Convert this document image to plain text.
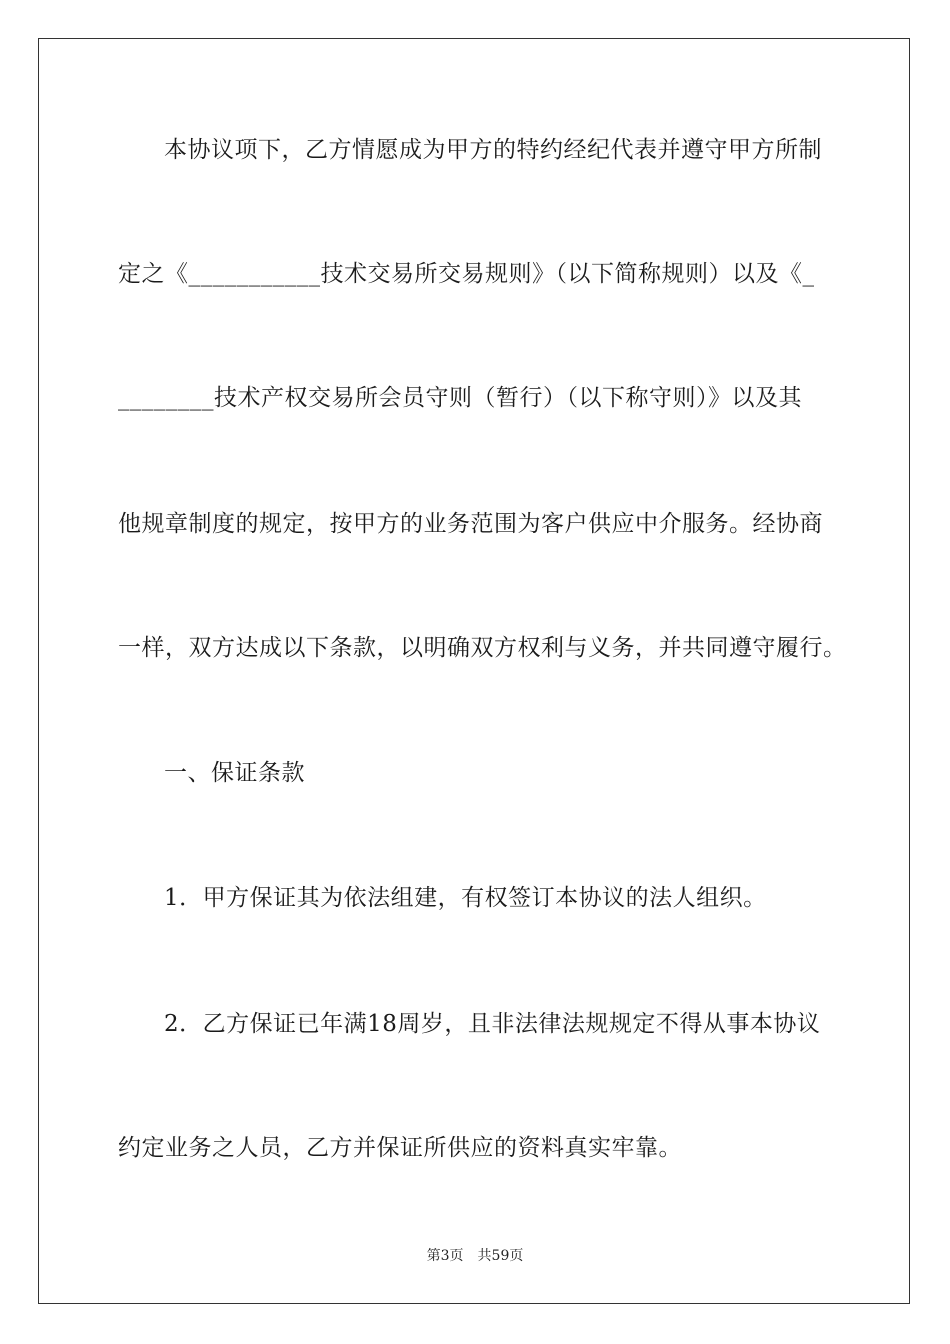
本协议项下，乙方情愿成为甲方的特约经纪代表并遵守甲方所制
定之《___________技术交易所交易规则》（以下简称规则）以及《_
________技术产权交易所会员守则（暂行）（以下称守则）》以及其
他规章制度的规定，按甲方的业务范围为客户供应中介服务。经协商
一样，双方达成以下条款，以明确双方权利与义务，并共同遵守履行。
一、保证条款
1．甲方保证其为依法组建，有权签订本协议的法人组织。
2．乙方保证已年满18周岁，且非法律法规规定不得从事本协议
约定业务之人员，乙方并保证所供应的资料真实牢靠。
第3页 共59页
